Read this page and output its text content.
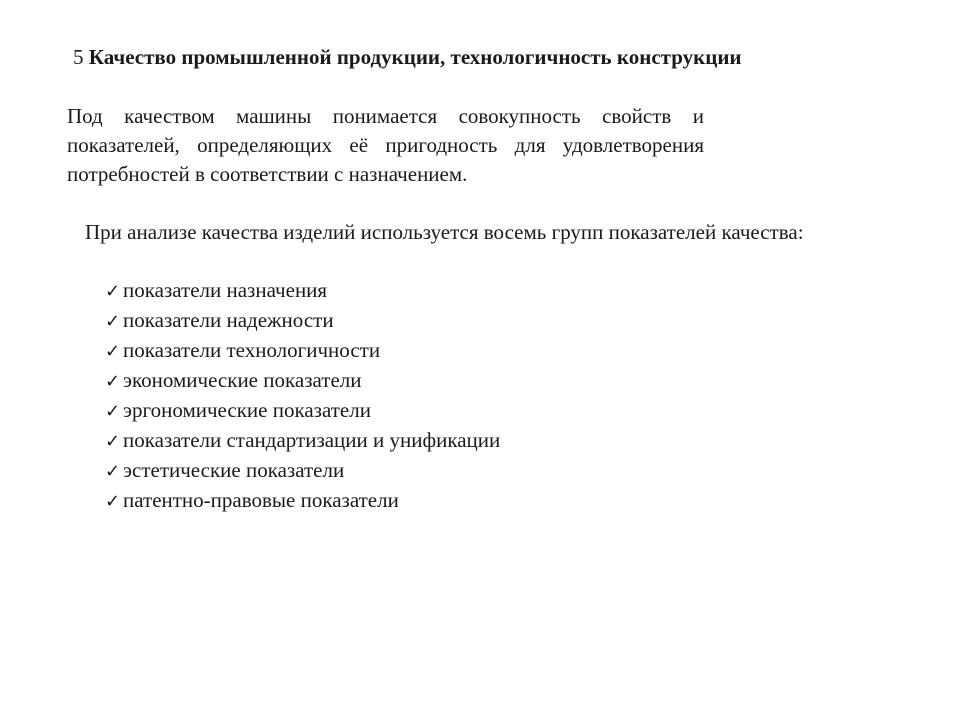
5 Качество промышленной продукции, технологичность конструкции
Под качеством машины понимается совокупность свойств и показателей, определяющих её пригодность для удовлетворения потребностей в соответствии с назначением.
При анализе качества изделий используется восемь групп показателей качества:
✓ показатели назначения
✓ показатели надежности
✓ показатели технологичности
✓ экономические показатели
✓ эргономические показатели
✓ показатели стандартизации и унификации
✓ эстетические показатели
✓ патентно-правовые показатели
